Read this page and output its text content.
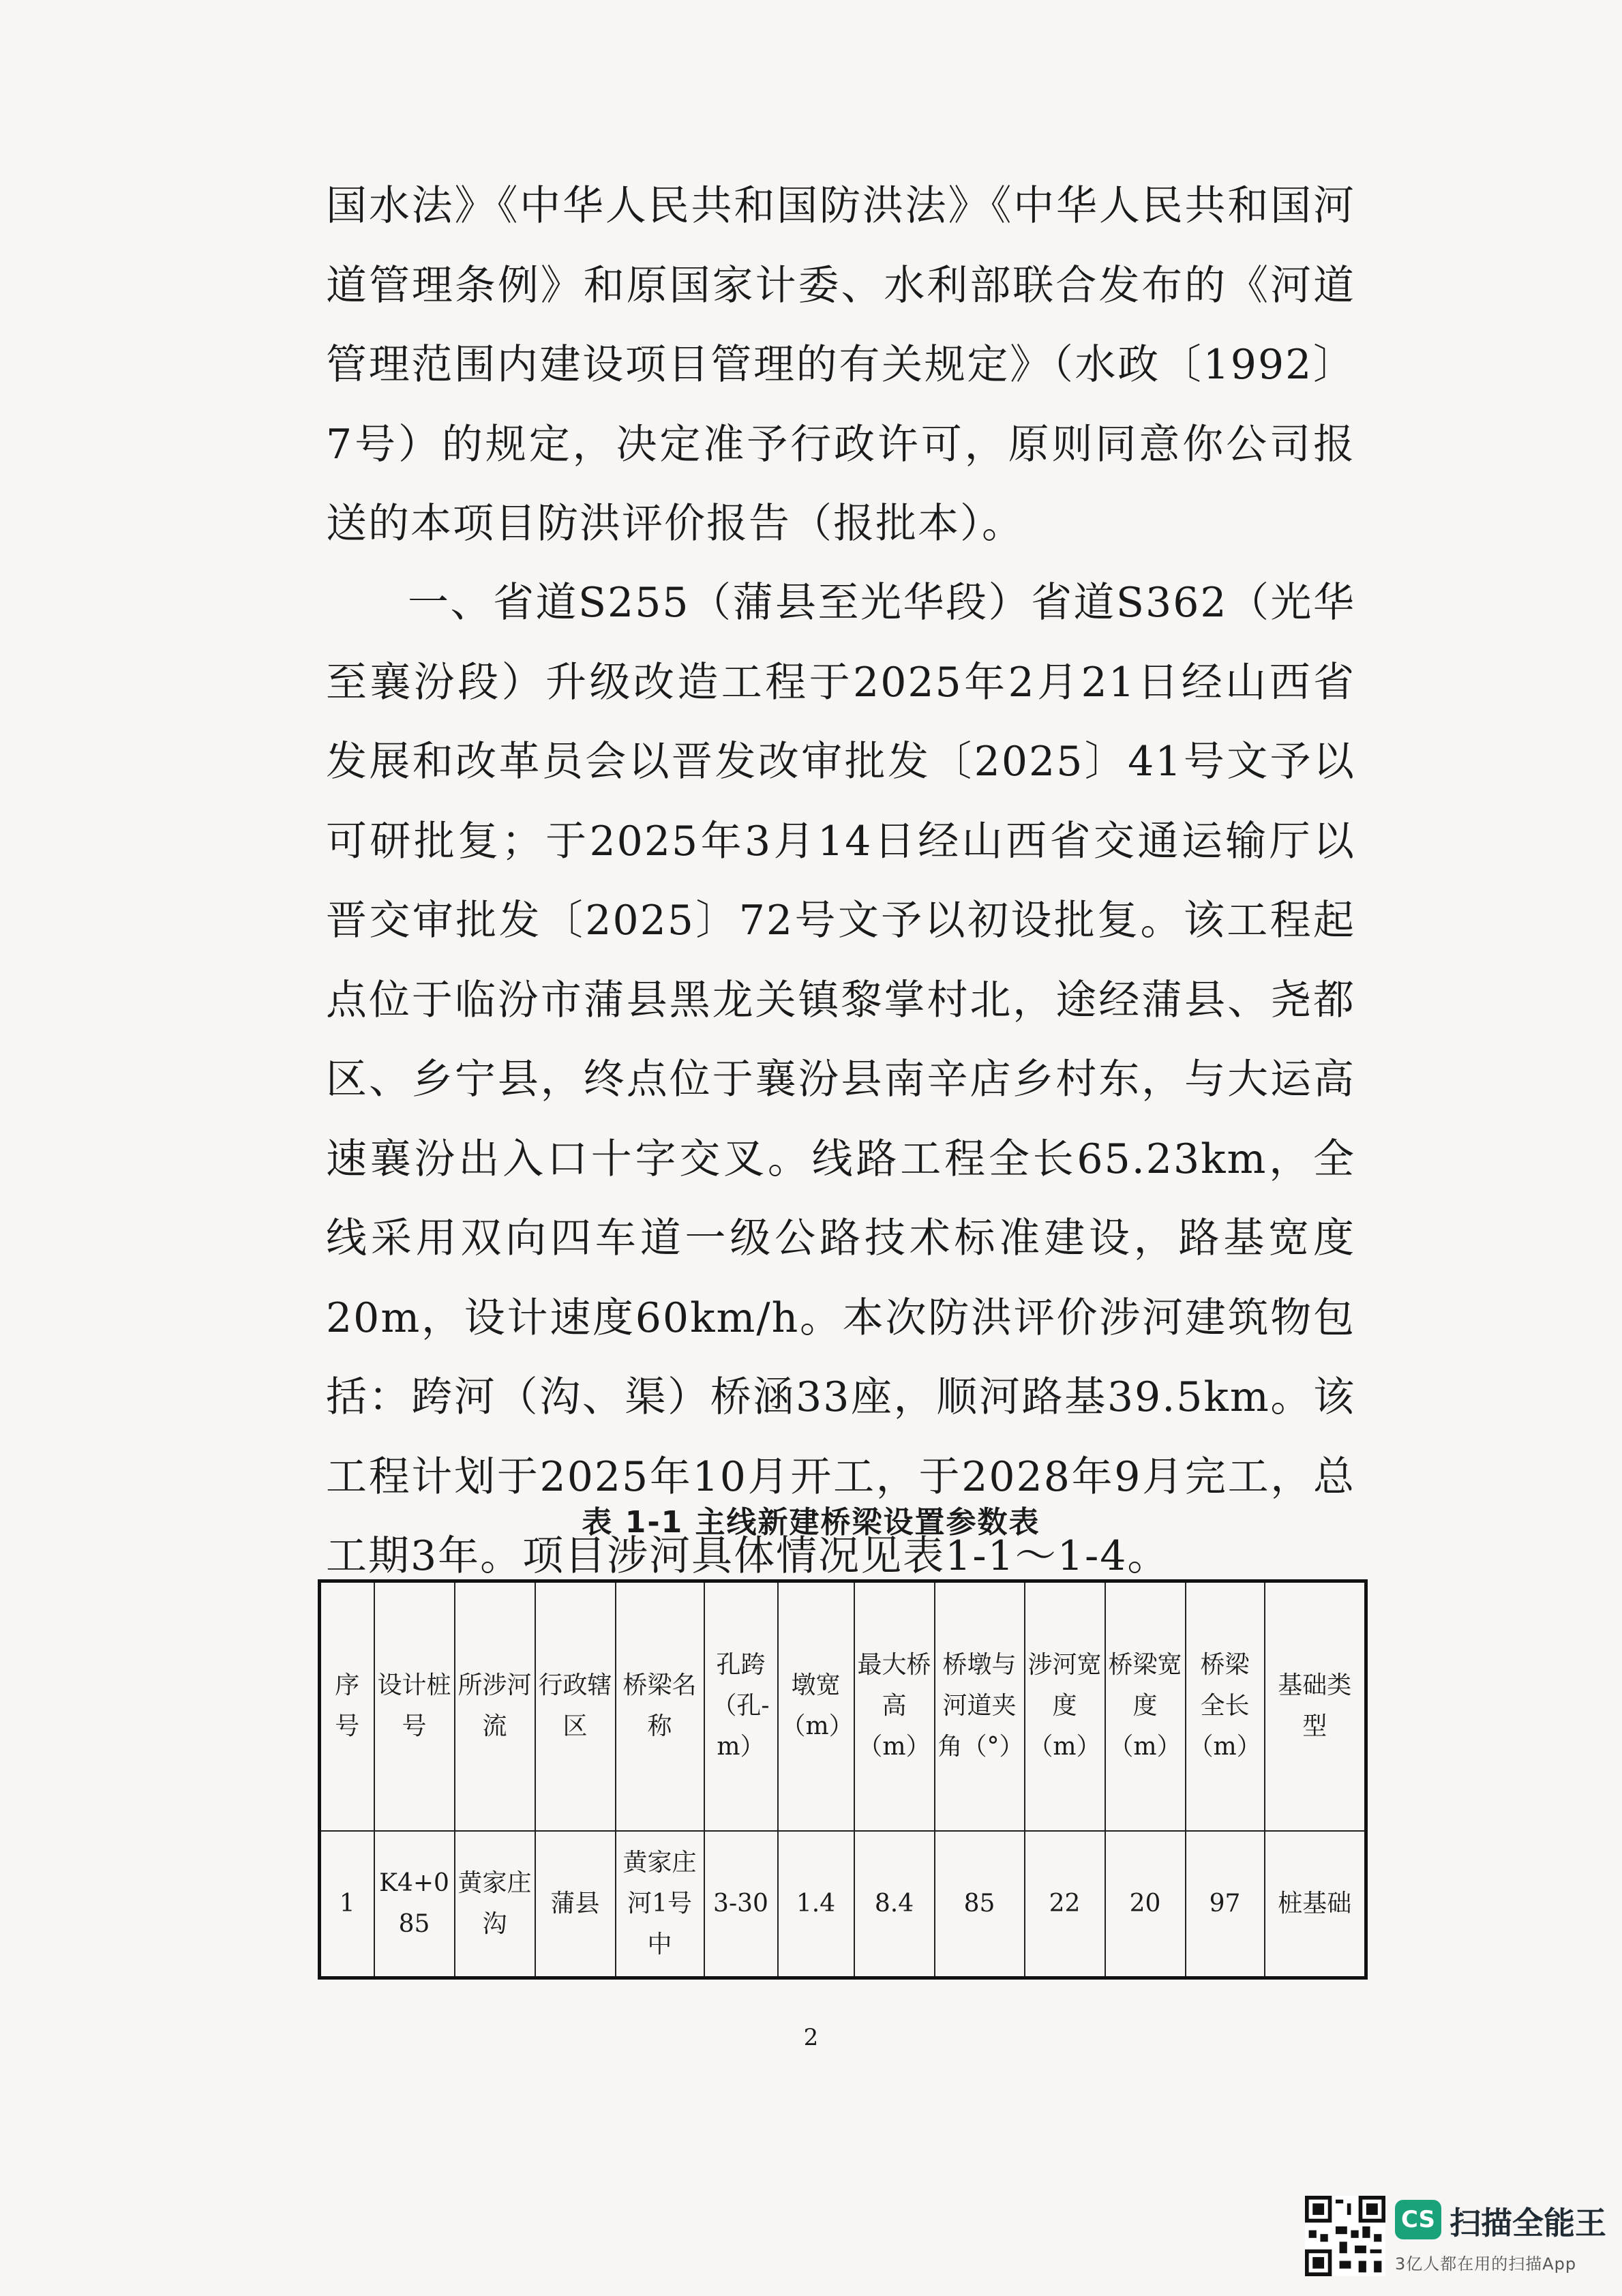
国水法》《中华人民共和国防洪法》《中华人民共和国河道管理条例》和原国家计委、水利部联合发布的《河道管理范围内建设项目管理的有关规定》（水政〔1992〕7号）的规定，决定准予行政许可，原则同意你公司报送的本项目防洪评价报告（报批本）。

一、省道S255（蒲县至光华段）省道S362（光华至襄汾段）升级改造工程于2025年2月21日经山西省发展和改革员会以晋发改审批发〔2025〕41号文予以可研批复；于2025年3月14日经山西省交通运输厅以晋交审批发〔2025〕72号文予以初设批复。该工程起点位于临汾市蒲县黑龙关镇黎掌村北，途经蒲县、尧都区、乡宁县，终点位于襄汾县南辛店乡村东，与大运高速襄汾出入口十字交叉。线路工程全长65.23km，全线采用双向四车道一级公路技术标准建设，路基宽度20m，设计速度60km/h。本次防洪评价涉河建筑物包括：跨河（沟、渠）桥涵33座，顺河路基39.5km。该工程计划于2025年10月开工，于2028年9月完工，总工期3年。项目涉河具体情况见表1-1～1-4。

表 1-1 主线新建桥梁设置参数表
序号	设计桩号	所涉河流	行政辖区	桥梁名称	孔跨（孔-m）	墩宽（m）	最大桥高（m）	桥墩与河道夹角（°）	涉河宽度（m）	桥梁宽度（m）	桥梁全长（m）	基础类型
1	K4+085	黄家庄沟	蒲县	黄家庄河1号中	3-30	1.4	8.4	85	22	20	97	桩基础
2
CS 扫描全能王
3亿人都在用的扫描App
